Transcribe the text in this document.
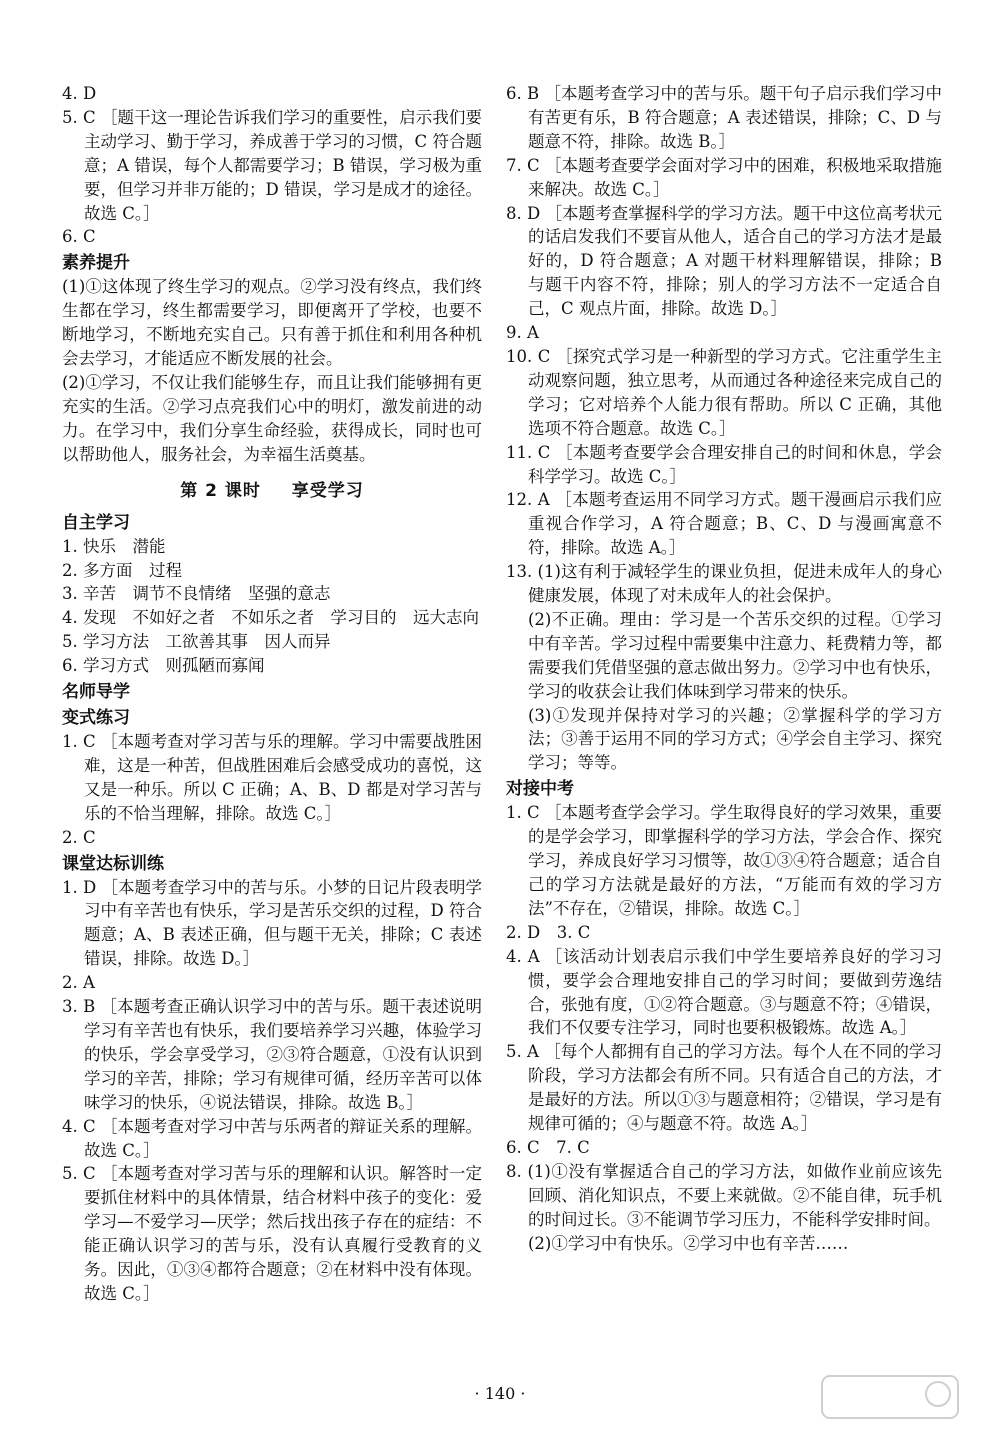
4. D

5. C ［题干这一理论告诉我们学习的重要性，启示我们要主动学习、勤于学习，养成善于学习的习惯，C 符合题意；A 错误，每个人都需要学习；B 错误，学习极为重要，但学习并非万能的；D 错误，学习是成才的途径。故选 C。］

6. C

素养提升

(1)①这体现了终生学习的观点。②学习没有终点，我们终生都在学习，终生都需要学习，即便离开了学校，也要不断地学习，不断地充实自己。只有善于抓住和利用各种机会去学习，才能适应不断发展的社会。

(2)①学习，不仅让我们能够生存，而且让我们能够拥有更充实的生活。②学习点亮我们心中的明灯，激发前进的动力。在学习中，我们分享生命经验，获得成长，同时也可以帮助他人，服务社会，为幸福生活奠基。

第 2 课时 享受学习

自主学习

1. 快乐　潜能

2. 多方面　过程

3. 辛苦　调节不良情绪　坚强的意志

4. 发现　不如好之者　不如乐之者　学习目的　远大志向

5. 学习方法　工欲善其事　因人而异

6. 学习方式　则孤陋而寡闻

名师导学

变式练习

1. C ［本题考查对学习苦与乐的理解。学习中需要战胜困难，这是一种苦，但战胜困难后会感受成功的喜悦，这又是一种乐。所以 C 正确；A、B、D 都是对学习苦与乐的不恰当理解，排除。故选 C。］

2. C

课堂达标训练

1. D ［本题考查学习中的苦与乐。小梦的日记片段表明学习中有辛苦也有快乐，学习是苦乐交织的过程，D 符合题意；A、B 表述正确，但与题干无关，排除；C 表述错误，排除。故选 D。］

2. A

3. B ［本题考查正确认识学习中的苦与乐。题干表述说明学习有辛苦也有快乐，我们要培养学习兴趣，体验学习的快乐，学会享受学习，②③符合题意，①没有认识到学习的辛苦，排除；学习有规律可循，经历辛苦可以体味学习的快乐，④说法错误，排除。故选 B。］

4. C ［本题考查对学习中苦与乐两者的辩证关系的理解。故选 C。］

5. C ［本题考查对学习苦与乐的理解和认识。解答时一定要抓住材料中的具体情景，结合材料中孩子的变化：爱学习—不爱学习—厌学；然后找出孩子存在的症结：不能正确认识学习的苦与乐，没有认真履行受教育的义务。因此，①③④都符合题意；②在材料中没有体现。故选 C。］

6. B ［本题考查学习中的苦与乐。题干句子启示我们学习中有苦更有乐，B 符合题意；A 表述错误，排除；C、D 与题意不符，排除。故选 B。］

7. C ［本题考查要学会面对学习中的困难，积极地采取措施来解决。故选 C。］

8. D ［本题考查掌握科学的学习方法。题干中这位高考状元的话启发我们不要盲从他人，适合自己的学习方法才是最好的，D 符合题意；A 对题干材料理解错误，排除；B 与题干内容不符，排除；别人的学习方法不一定适合自己，C 观点片面，排除。故选 D。］

9. A

10. C ［探究式学习是一种新型的学习方式。它注重学生主动观察问题，独立思考，从而通过各种途径来完成自己的学习；它对培养个人能力很有帮助。所以 C 正确，其他选项不符合题意。故选 C。］

11. C ［本题考查要学会合理安排自己的时间和休息，学会科学学习。故选 C。］

12. A ［本题考查运用不同学习方式。题干漫画启示我们应重视合作学习，A 符合题意；B、C、D 与漫画寓意不符，排除。故选 A。］

13. (1)这有利于减轻学生的课业负担，促进未成年人的身心健康发展，体现了对未成年人的社会保护。

(2)不正确。理由：学习是一个苦乐交织的过程。①学习中有辛苦。学习过程中需要集中注意力、耗费精力等，都需要我们凭借坚强的意志做出努力。②学习中也有快乐，学习的收获会让我们体味到学习带来的快乐。

(3)①发现并保持对学习的兴趣；②掌握科学的学习方法；③善于运用不同的学习方式；④学会自主学习、探究学习；等等。

对接中考

1. C ［本题考查学会学习。学生取得良好的学习效果，重要的是学会学习，即掌握科学的学习方法，学会合作、探究学习，养成良好学习习惯等，故①③④符合题意；适合自己的学习方法就是最好的方法，“万能而有效的学习方法”不存在，②错误，排除。故选 C。］

2. D　3. C

4. A ［该活动计划表启示我们中学生要培养良好的学习习惯，要学会合理地安排自己的学习时间；要做到劳逸结合，张弛有度，①②符合题意。③与题意不符；④错误，我们不仅要专注学习，同时也要积极锻炼。故选 A。］

5. A ［每个人都拥有自己的学习方法。每个人在不同的学习阶段，学习方法都会有所不同。只有适合自己的方法，才是最好的方法。所以①③与题意相符；②错误，学习是有规律可循的；④与题意不符。故选 A。］

6. C　7. C

8. (1)①没有掌握适合自己的学习方法，如做作业前应该先回顾、消化知识点，不要上来就做。②不能自律，玩手机的时间过长。③不能调节学习压力，不能科学安排时间。

(2)①学习中有快乐。②学习中也有辛苦……

· 140 ·
